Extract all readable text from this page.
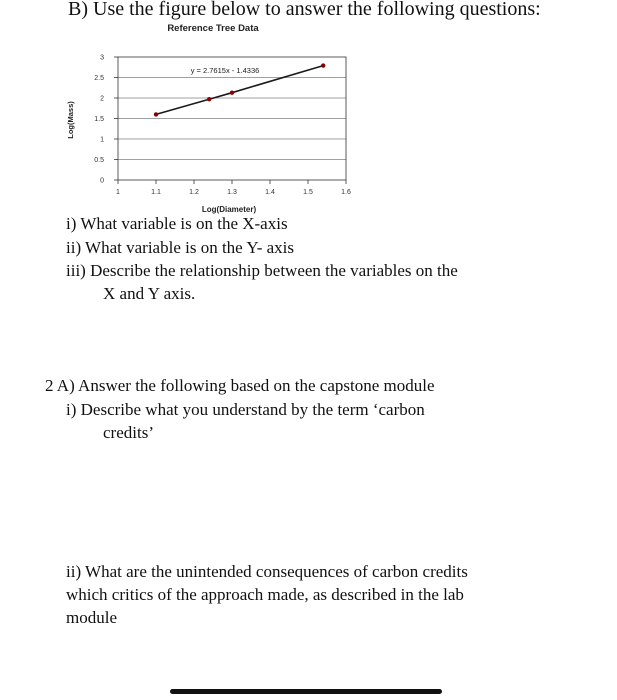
B) Use the figure below to answer the following questions:
0
0.5
1
1.5
2
2.5
3
1	1.1	1.2	1.3	1.4	1.5	1.6
Reference Tree Data
y = 2.7615x - 1.4336
Log(Mass)
Log(Diameter)
i) What variable is on the X-axis
ii) What variable is on the Y- axis
iii) Describe the relationship between the variables on the
X and Y axis.
2 A) Answer the following based on the capstone module
i) Describe what you understand by the term ‘carbon
credits’
ii) What are the unintended consequences of carbon credits
which critics of the approach made, as described in the lab
module
